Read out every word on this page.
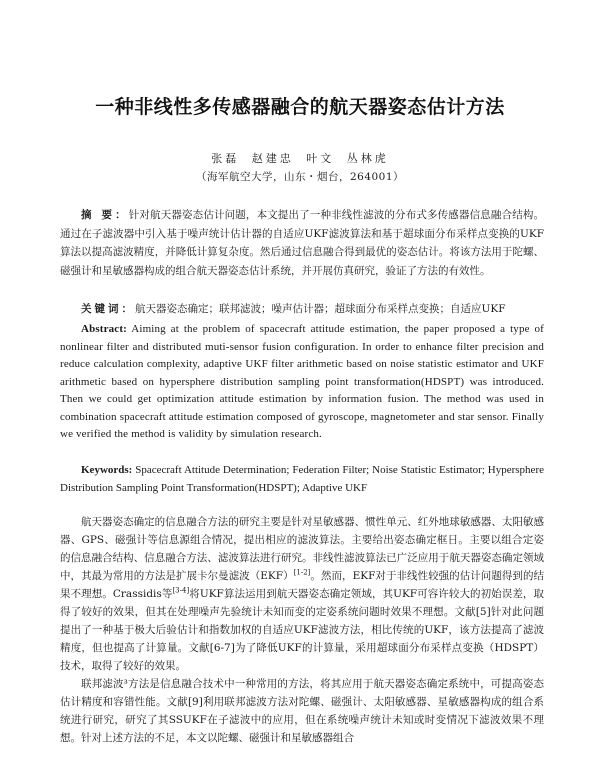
一种非线性多传感器融合的航天器姿态估计方法
张磊 赵建忠 叶文 丛林虎
（海军航空大学，山东・烟台，264001）

摘 要：针对航天器姿态估计问题，本文提出了一种非线性滤波的分布式多传感器信息融合结构。通过在子滤波器中引入基于噪声统计估计器的自适应UKF滤波算法和基于超球面分布采样点变换的UKF算法以提高滤波精度，并降低计算复杂度。然后通过信息融合得到最优的姿态估计。将该方法用于陀螺、磁强计和星敏感器构成的组合航天器姿态估计系统，并开展仿真研究，验证了方法的有效性。

关键词：航天器姿态确定；联邦滤波；噪声估计器；超球面分布采样点变换；自适应UKF

Abstract: Aiming at the problem of spacecraft attitude estimation, the paper proposed a type of nonlinear filter and distributed muti-sensor fusion configuration. In order to enhance filter precision and reduce calculation complexity, adaptive UKF filter arithmetic based on noise statistic estimator and UKF arithmetic based on hypersphere distribution sampling point transformation(HDSPT) was introduced. Then we could get optimization attitude estimation by information fusion. The method was used in combination spacecraft attitude estimation composed of gyroscope, magnetometer and star sensor. Finally we verified the method is validity by simulation research.

Keywords: Spacecraft Attitude Determination; Federation Filter; Noise Statistic Estimator; Hypersphere Distribution Sampling Point Transformation(HDSPT); Adaptive UKF

航天器姿态确定的信息融合方法的研究主要是针对星敏感器、惯性单元、红外地球敏感器、太阳敏感器、GPS、磁强计等信息源组合情况，提出相应的滤波算法。主要给出姿态确定框日。主要以组合定姿的信息融合结构、信息融合方法、滤波算法进行研究。非线性滤波算法已广泛应用于航天器姿态确定领域中，其最为常用的方法是扩展卡尔曼滤波（EKF）[1-2]。然而，EKF对于非线性较强的估计问题得到的结果不理想。Crassidis等[3-4]将UKF算法运用到航天器姿态确定领域，其UKF可容许较大的初始误差，取得了较好的效果，但其在处理噪声先验统计未知而变的定姿系统问题时效果不理想。文献[5]针对此问题提出了一种基于极大后验估计和指数加权的自适应UKF滤波方法，相比传统的UKF，该方法提高了滤波精度，但也提高了计算量。文献[6-7]为了降低UKF的计算量，采用超球面分布采样点变换（HDSPT）技术，取得了较好的效果。

联邦滤波³方法是信息融合技术中一种常用的方法，将其应用于航天器姿态确定系统中，可提高姿态估计精度和容错性能。文献[9]利用联邦滤波方法对陀螺、磁强计、太阳敏感器、星敏感器构成的组合系统进行研究，研究了其SSUKF在子滤波中的应用，但在系统噪声统计未知或时变情况下滤波效果不理想。针对上述方法的不足，本文以陀螺、磁强计和星敏感器组合
